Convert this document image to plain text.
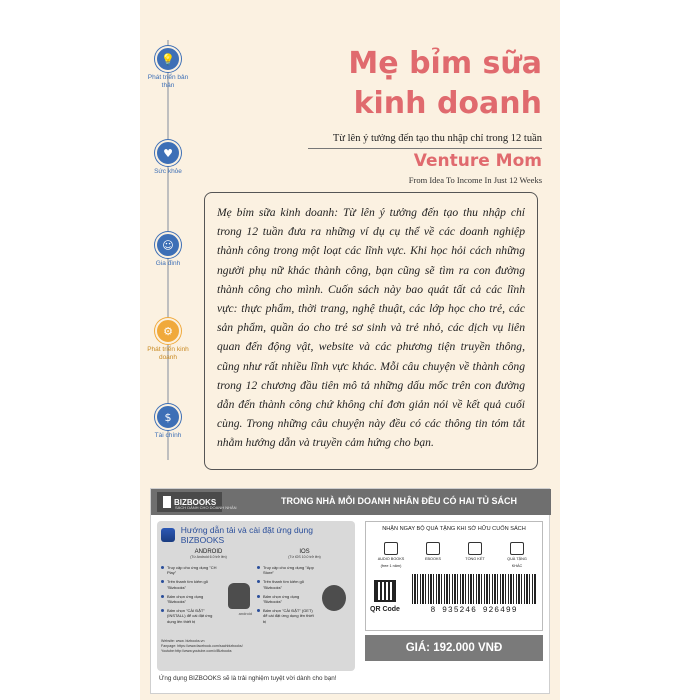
💡
Phát triển bản thân
♥
Sức khỏe
☺
Gia đình
⚙
Phát triển kinh doanh
$
Tài chính
Mẹ bỉm sữa
kinh doanh
Từ lên ý tưởng đến tạo thu nhập chỉ trong 12 tuần
Venture Mom
From Idea To Income In Just 12 Weeks
Mẹ bỉm sữa kinh doanh: Từ lên ý tưởng đến tạo thu nhập chỉ trong 12 tuần đưa ra những ví dụ cụ thể về các doanh nghiệp thành công trong một loạt các lĩnh vực. Khi học hỏi cách những người phụ nữ khác thành công, bạn cũng sẽ tìm ra con đường thành công cho mình. Cuốn sách này bao quát tất cả các lĩnh vực: thực phẩm, thời trang, nghệ thuật, các lớp học cho trẻ, các sản phẩm, quần áo cho trẻ sơ sinh và trẻ nhỏ, các dịch vụ liên quan đến động vật, website và các phương tiện truyền thông, cũng như rất nhiều lĩnh vực khác. Mỗi câu chuyện về thành công trong 12 chương đầu tiên mô tả những dấu mốc trên con đường dẫn đến thành công chứ không chỉ đơn giản nói về kết quả cuối cùng. Trong những câu chuyện này đều có các thông tin tóm tắt nhằm hướng dẫn và truyền cảm hứng cho bạn.
BIZBOOKS
SÁCH DÀNH CHO DOANH NHÂN
TRONG NHÀ MỖI DOANH NHÂN ĐỀU CÓ HAI TỦ SÁCH
Hướng dẫn tải và cài đặt ứng dụng BIZBOOKS
ANDROID
(Từ Android 6.0 trở lên)
Truy cập cho ứng dụng "CH Play"
Trên thanh tìm kiếm gõ "Bizbooks"
Bấm chọn ứng dụng "Bizbooks"
Bấm chọn "CÀI ĐẶT" (INSTALL) để cài đặt ứng dụng lên thiết bị
android
IOS
(Từ iOS 10.0 trở lên)
Truy cập cho ứng dụng "App Store"
Trên thanh tìm kiếm gõ "Bizbooks"
Bấm chọn ứng dụng "Bizbooks"
Bấm chọn "CÀI ĐẶT" (GET) để cài đặt ứng dụng lên thiết bị
Website: www. bizbooks.vn
Fanpage: https://www.facebook.com/sachbizbooks/
Youtube:http://www.youtube.com/c/Bizbooks
Ứng dụng BIZBOOKS sẽ là trải nghiệm tuyệt vời dành cho bạn!
NHẬN NGAY BỘ QUÀ TẶNG KHI SỞ HỮU CUỐN SÁCH
AUDIO BOOKS
(free 1 năm)
EBOOKS	TỔNG KẾT	QUÀ TẶNG
KHÁC
QR Code	8 935246 926499
GIÁ: 192.000 VNĐ
